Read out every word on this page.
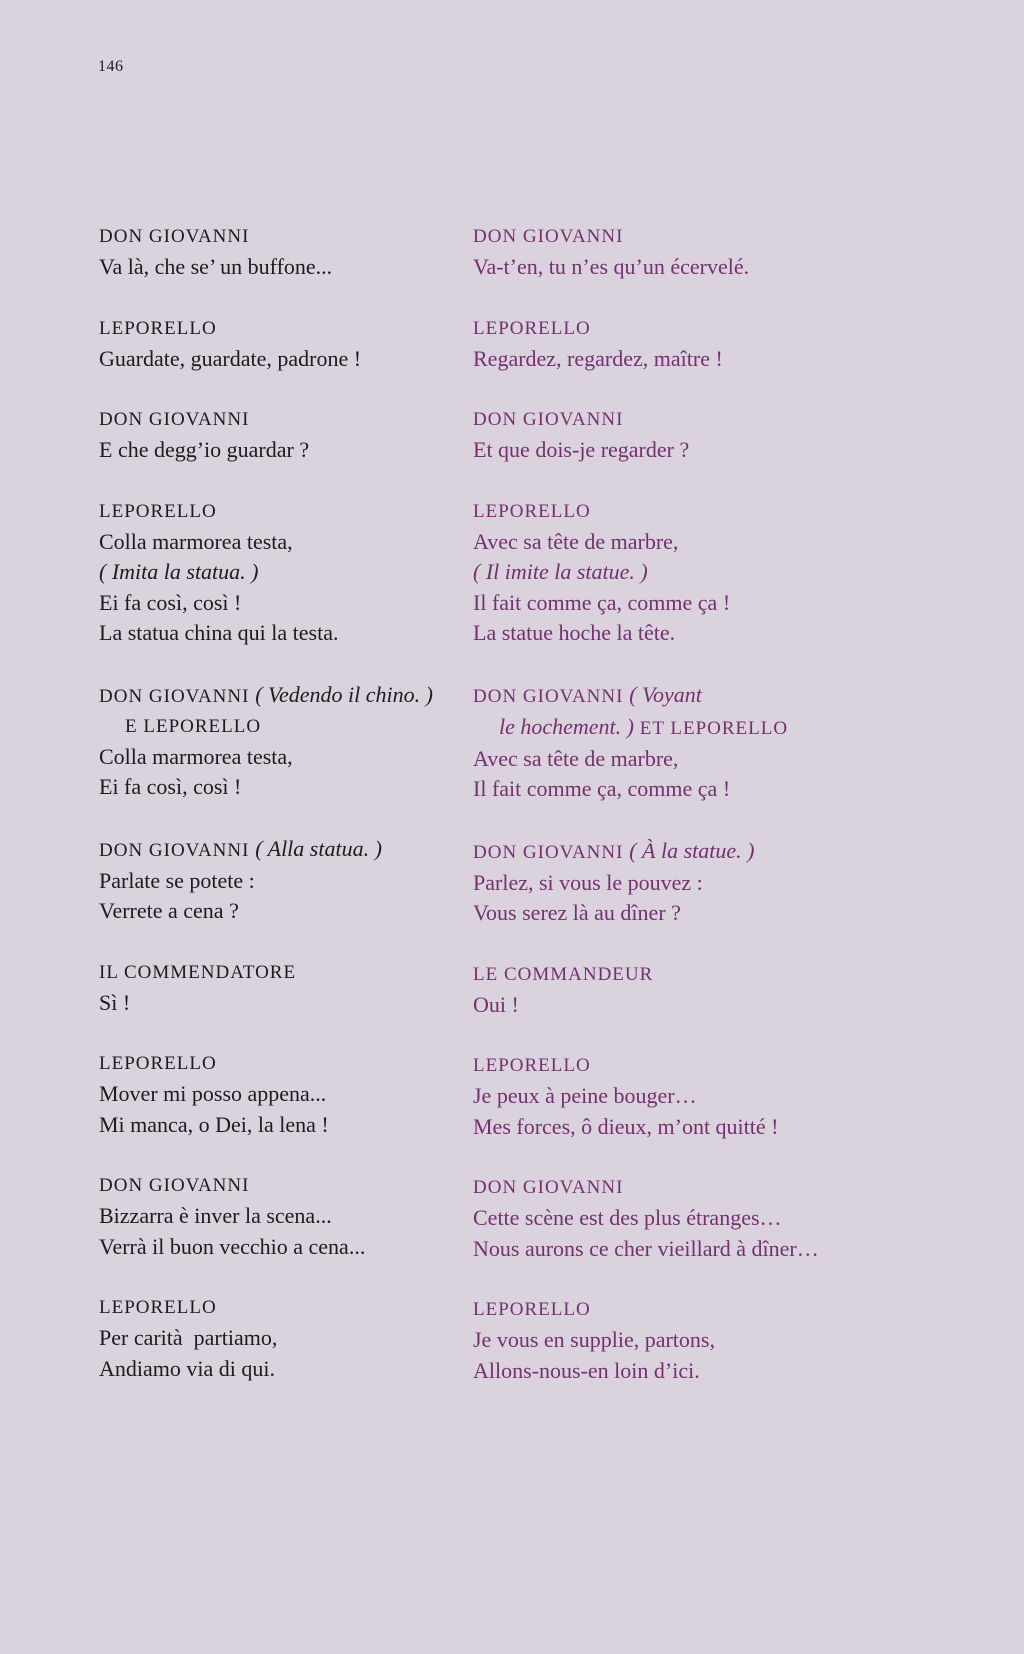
146
DON GIOVANNI
Va là, che se’ un buffone...
LEPORELLO
Guardate, guardate, padrone !
DON GIOVANNI
E che degg’io guardar ?
LEPORELLO
Colla marmorea testa,
( Imita la statua. )
Ei fa così, così !
La statua china qui la testa.
DON GIOVANNI ( Vedendo il chino. )
E LEPORELLO
Colla marmorea testa,
Ei fa così, così !
DON GIOVANNI ( Alla statua. )
Parlate se potete :
Verrete a cena ?
IL COMMENDATORE
Sì !
LEPORELLO
Mover mi posso appena...
Mi manca, o Dei, la lena !
DON GIOVANNI
Bizzarra è inver la scena...
Verrà il buon vecchio a cena...
LEPORELLO
Per carità  partiamo,
Andiamo via di qui.
DON GIOVANNI
Va-t’en, tu n’es qu’un écervelé.
LEPORELLO
Regardez, regardez, maître !
DON GIOVANNI
Et que dois-je regarder ?
LEPORELLO
Avec sa tête de marbre,
( Il imite la statue. )
Il fait comme ça, comme ça !
La statue hoche la tête.
DON GIOVANNI ( Voyant
le hochement. ) ET LEPORELLO
Avec sa tête de marbre,
Il fait comme ça, comme ça !
DON GIOVANNI ( À la statue. )
Parlez, si vous le pouvez :
Vous serez là au dîner ?
LE COMMANDEUR
Oui !
LEPORELLO
Je peux à peine bouger…
Mes forces, ô dieux, m’ont quitté !
DON GIOVANNI
Cette scène est des plus étranges…
Nous aurons ce cher vieillard à dîner…
LEPORELLO
Je vous en supplie, partons,
Allons-nous-en loin d’ici.
